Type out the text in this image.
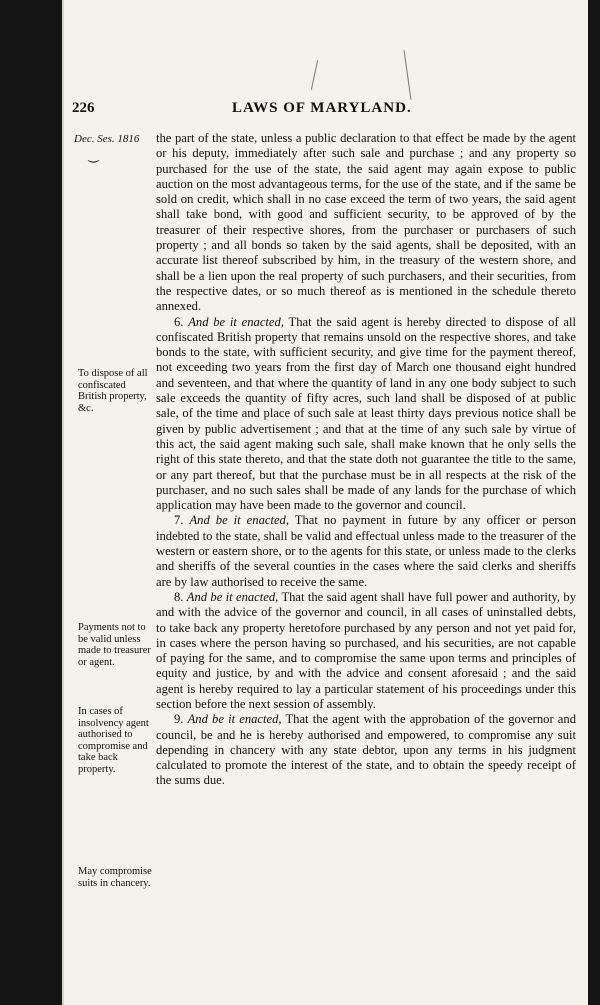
226	LAWS OF MARYLAND.
Dec. Ses. 1816
⏝
To dispose of all confiscated British property, &c.
Payments not to be valid unless made to treasurer or agent.
In cases of insolvency agent authorised to compromise and take back property.
May compromise suits in chancery.

the part of the state, unless a public declaration to that effect be made by the agent or his deputy, immediately after such sale and purchase ; and any property so purchased for the use of the state, the said agent may again expose to public auction on the most advantageous terms, for the use of the state, and if the same be sold on credit, which shall in no case exceed the term of two years, the said agent shall take bond, with good and sufficient security, to be approved of by the treasurer of their respective shores, from the purchaser or purchasers of such property ; and all bonds so taken by the said agents, shall be deposited, with an accurate list thereof subscribed by him, in the treasury of the western shore, and shall be a lien upon the real property of such purchasers, and their securities, from the respective dates, or so much thereof as is mentioned in the schedule thereto annexed.

6. And be it enacted, That the said agent is hereby directed to dispose of all confiscated British property that remains unsold on the respective shores, and take bonds to the state, with sufficient security, and give time for the payment thereof, not exceeding two years from the first day of March one thousand eight hundred and seventeen, and that where the quantity of land in any one body subject to such sale exceeds the quantity of fifty acres, such land shall be disposed of at public sale, of the time and place of such sale at least thirty days previous notice shall be given by public advertisement ; and that at the time of any such sale by virtue of this act, the said agent making such sale, shall make known that he only sells the right of this state thereto, and that the state doth not guarantee the title to the same, or any part thereof, but that the purchase must be in all respects at the risk of the purchaser, and no such sales shall be made of any lands for the purchase of which application may have been made to the governor and council.

7. And be it enacted, That no payment in future by any officer or person indebted to the state, shall be valid and effectual unless made to the treasurer of the western or eastern shore, or to the agents for this state, or unless made to the clerks and sheriffs of the several counties in the cases where the said clerks and sheriffs are by law authorised to receive the same.

8. And be it enacted, That the said agent shall have full power and authority, by and with the advice of the governor and council, in all cases of uninstalled debts, to take back any property heretofore purchased by any person and not yet paid for, in cases where the person having so purchased, and his securities, are not capable of paying for the same, and to compromise the same upon terms and principles of equity and justice, by and with the advice and consent aforesaid ; and the said agent is hereby required to lay a particular statement of his proceedings under this section before the next session of assembly.

9. And be it enacted, That the agent with the approbation of the governor and council, be and he is hereby authorised and empowered, to compromise any suit depending in chancery with any state debtor, upon any terms in his judgment calculated to promote the interest of the state, and to obtain the speedy receipt of the sums due.
